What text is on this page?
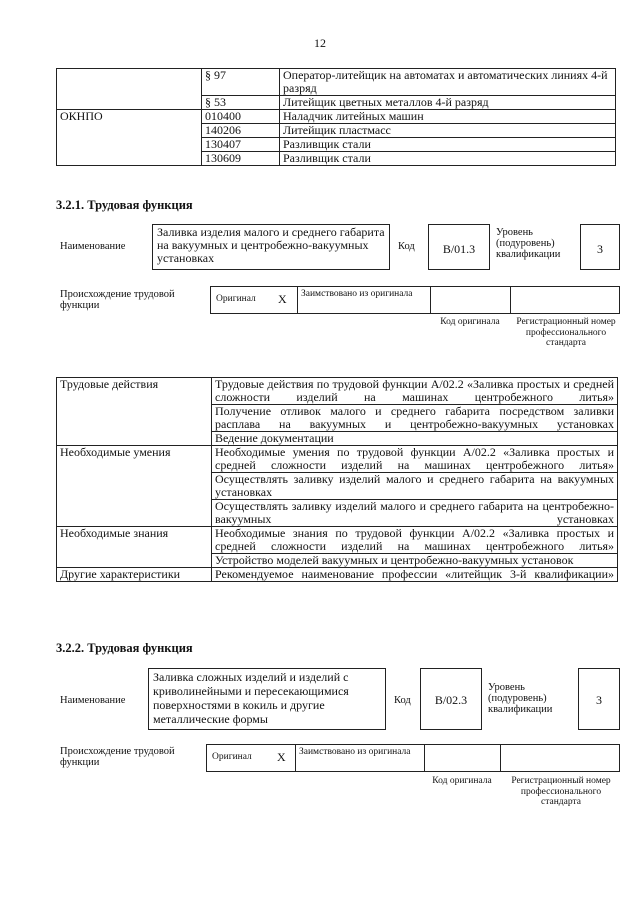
12
	§ 97	Оператор-литейщик на автоматах и автоматических линиях 4-й разряд
	§ 53	Литейщик цветных металлов 4-й разряд
ОКНПО	010400	Наладчик литейных машин
	140206	Литейщик пластмасс
	130407	Разливщик стали
	130609	Разливщик стали
3.2.1. Трудовая функция
Наименование
Заливка изделия малого и среднего габарита на вакуумных и центробежно-вакуумных установках
Код	В/01.3
Уровень (подуровень) квалификации	3
Происхождение трудовой функции
Оригинал X Заимствовано из оригинала
Код оригинала	Регистрационный номер профессионального стандарта
Трудовые действия	Трудовые действия по трудовой функции А/02.2 «Заливка простых и средней сложности изделий на машинах центробежного литья»
	Получение отливок малого и среднего габарита посредством заливки расплава на вакуумных и центробежно-вакуумных установках
	Ведение документации
Необходимые умения	Необходимые умения по трудовой функции А/02.2 «Заливка простых и средней сложности изделий на машинах центробежного литья»
	Осуществлять заливку изделий малого и среднего габарита на вакуумных установках
	Осуществлять заливку изделий малого и среднего габарита на центробежно-вакуумных установках
Необходимые знания	Необходимые знания по трудовой функции А/02.2 «Заливка простых и средней сложности изделий на машинах центробежного литья»
	Устройство моделей вакуумных и центробежно-вакуумных установок
Другие характеристики	Рекомендуемое наименование профессии «литейщик 3-й квалификации»
3.2.2. Трудовая функция
Наименование
Заливка сложных изделий и изделий с криволинейными и пересекающимися поверхностями в кокиль и другие металлические формы
Код	В/02.3
Уровень (подуровень) квалификации
3
Происхождение трудовой функции	Оригинал X Заимствовано из оригинала
Код оригинала	Регистрационный номер профессионального стандарта
